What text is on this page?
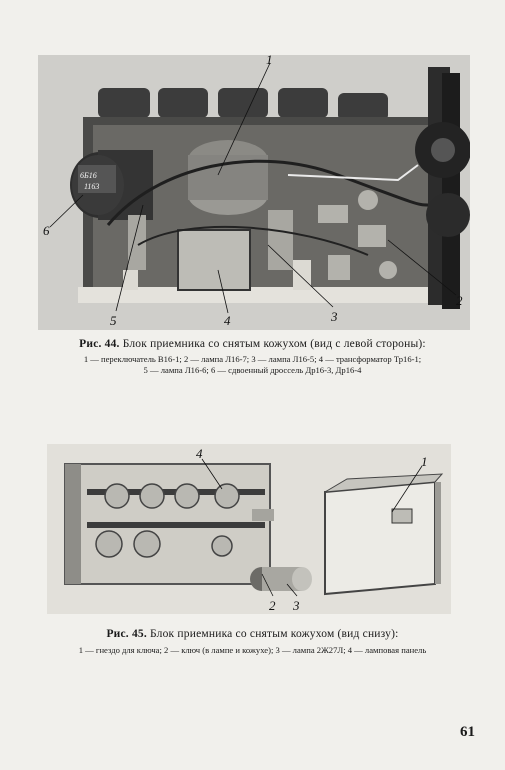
6Б16
1163
1
2
3
4
5
6
Рис. 44. Блок приемника со снятым кожухом (вид с левой стороны):
1 — переключатель В16-1; 2 — лампа Л16-7; 3 — лампа Л16-5; 4 — трансформатор Тр16-1;
5 — лампа Л16-6; 6 — сдвоенный дроссель Др16-3, Др16-4
4
1
2 3
Рис. 45. Блок приемника со снятым кожухом (вид снизу):
1 — гнездо для ключа; 2 — ключ (в лампе и кожухе); 3 — лампа 2Ж27Л; 4 — ламповая панель
61
